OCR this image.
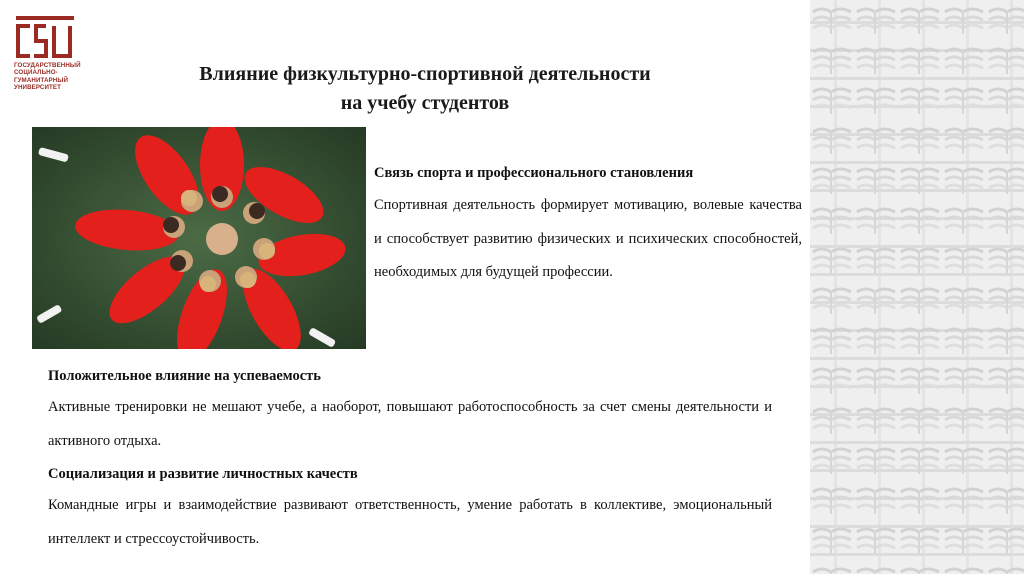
ГОСУДАРСТВЕННЫЙ
СОЦИАЛЬНО-
ГУМАНИТАРНЫЙ
УНИВЕРСИТЕТ
Влияние физкультурно-спортивной деятельности на учебу студентов
Связь спорта и профессионального становления
Спортивная деятельность формирует мотивацию, волевые качества и способствует развитию физических и психических способностей, необходимых для будущей профессии.
Положительное влияние на успеваемость
Активные тренировки не мешают учебе, а наоборот, повышают работоспособность за счет смены деятельности и активного отдыха.
Социализация и развитие личностных качеств
Командные игры и взаимодействие развивают ответственность, умение работать в коллективе, эмоциональный интеллект и стрессоустойчивость.
